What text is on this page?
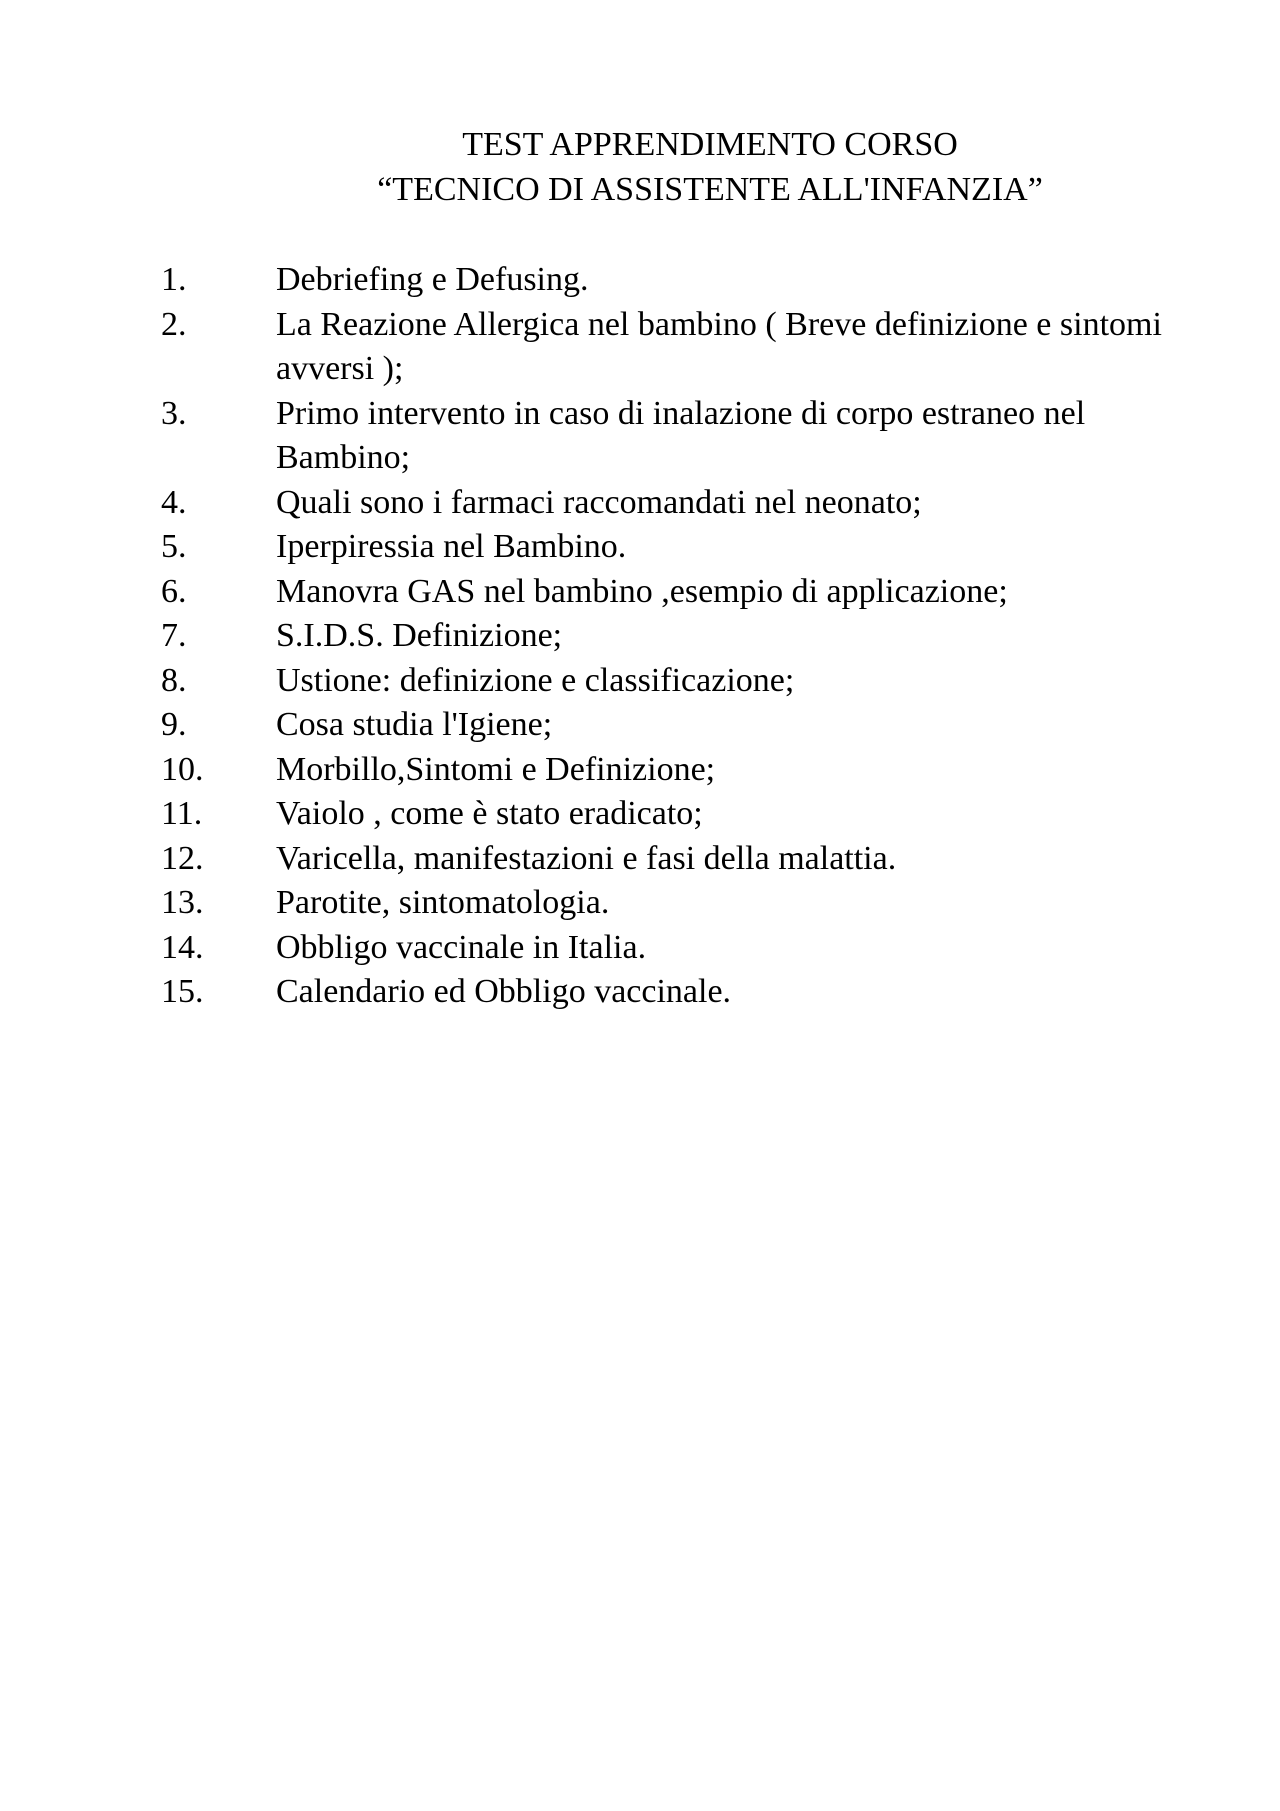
TEST APPRENDIMENTO CORSO
“TECNICO DI ASSISTENTE ALL'INFANZIA”
1.	Debriefing e Defusing.
2.	La Reazione Allergica nel bambino ( Breve definizione e sintomi avversi );
3.	Primo intervento in caso di inalazione di corpo estraneo nel Bambino;
4.	Quali sono i farmaci raccomandati nel neonato;
5.	Iperpiressia nel Bambino.
6.	Manovra GAS nel bambino ,esempio di applicazione;
7.	S.I.D.S. Definizione;
8.	Ustione: definizione e classificazione;
9.	Cosa studia l'Igiene;
10.	Morbillo,Sintomi e Definizione;
11.	Vaiolo , come è stato eradicato;
12.	Varicella, manifestazioni e fasi della malattia.
13.	Parotite, sintomatologia.
14.	Obbligo vaccinale in Italia.
15.	Calendario ed Obbligo vaccinale.
